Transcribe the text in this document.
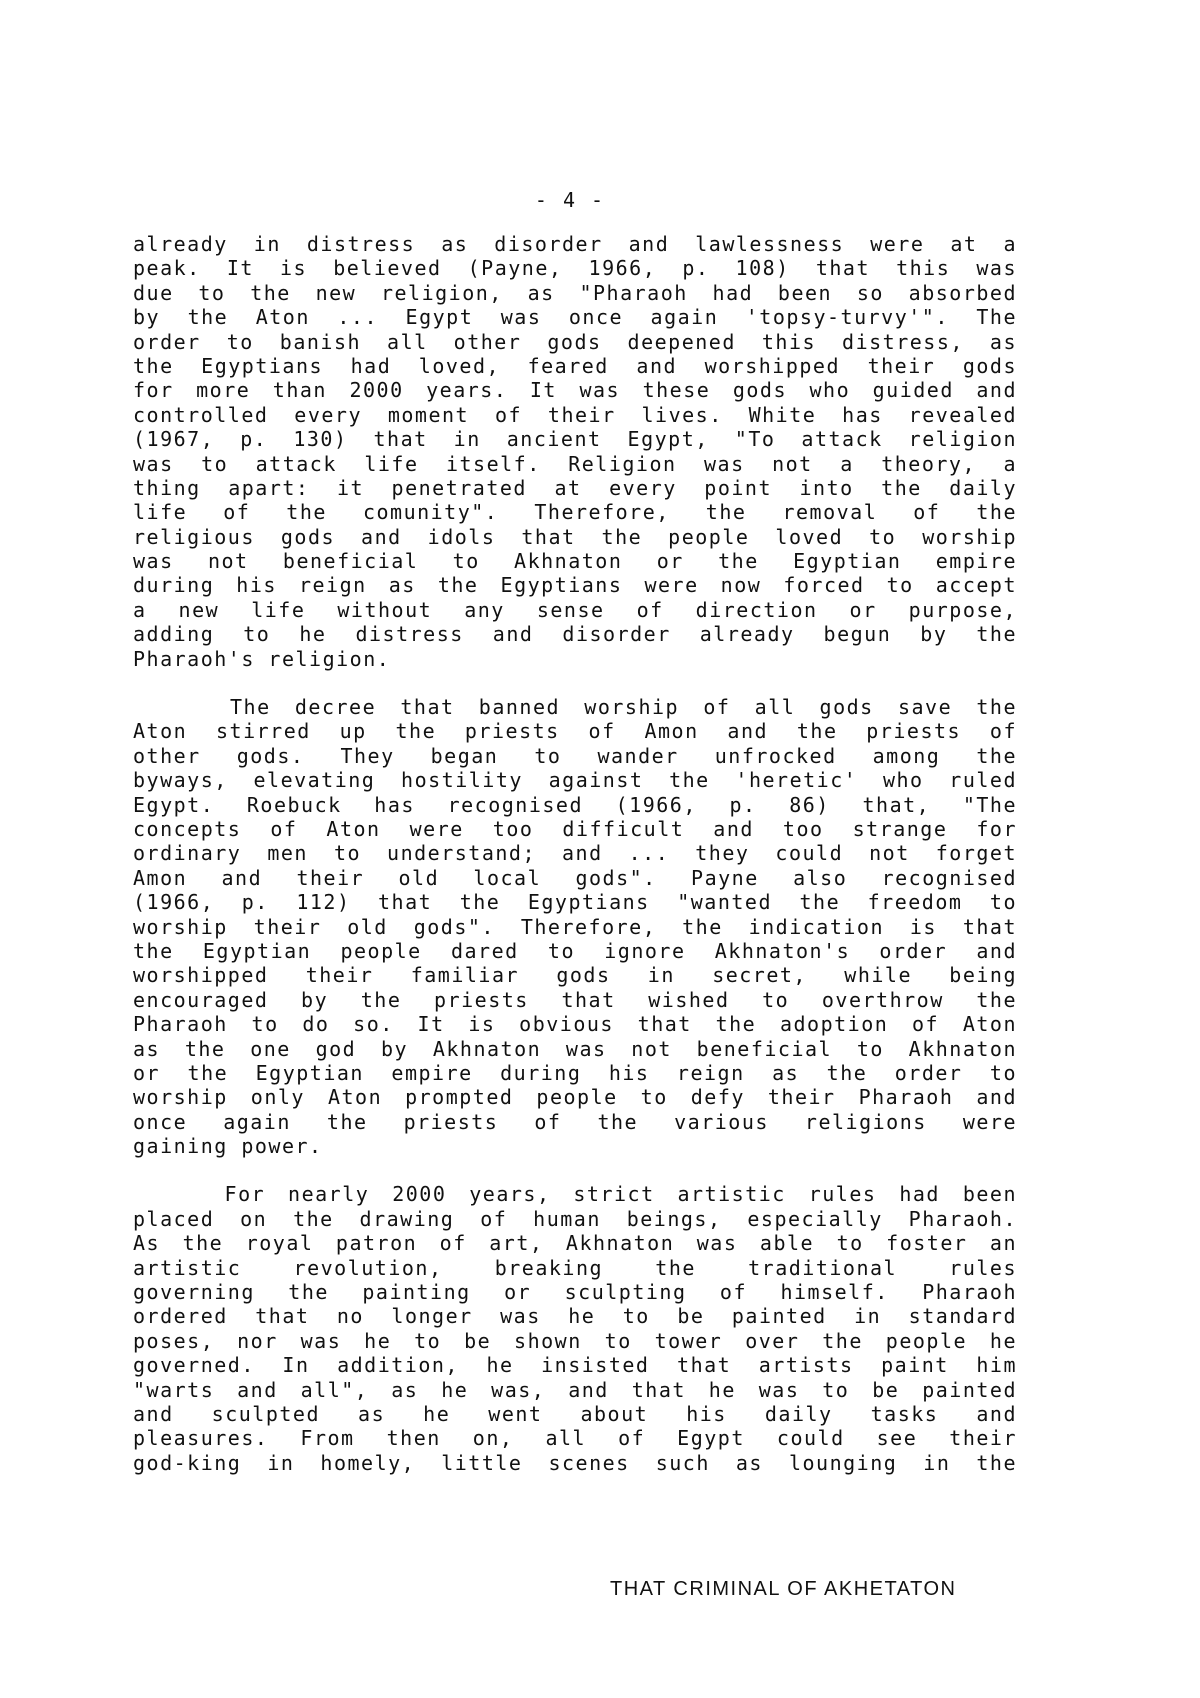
- 4 -
already in distress as disorder and lawlessness were at a
peak. It is believed (Payne, 1966, p. 108) that this was
due to the new religion, as "Pharaoh had been so absorbed
by the Aton ... Egypt was once again 'topsy-turvy'". The
order to banish all other gods deepened this distress, as
the Egyptians had loved, feared and worshipped their gods
for more than 2000 years. It was these gods who guided and
controlled every moment of their lives. White has revealed
(1967, p. 130) that in ancient Egypt, "To attack religion
was to attack life itself. Religion was not a theory, a
thing apart: it penetrated at every point into the daily
life of the comunity". Therefore, the removal of the
religious gods and idols that the people loved to worship
was not beneficial to Akhnaton or the Egyptian empire
during his reign as the Egyptians were now forced to accept
a new life without any sense of direction or purpose,
adding to he distress and disorder already begun by the
Pharaoh's religion.
The decree that banned worship of all gods save the
Aton stirred up the priests of Amon and the priests of
other gods. They began to wander unfrocked among the
byways, elevating hostility against the 'heretic' who ruled
Egypt. Roebuck has recognised (1966, p. 86) that, "The
concepts of Aton were too difficult and too strange for
ordinary men to understand; and ... they could not forget
Amon and their old local gods". Payne also recognised
(1966, p. 112) that the Egyptians "wanted the freedom to
worship their old gods". Therefore, the indication is that
the Egyptian people dared to ignore Akhnaton's order and
worshipped their familiar gods in secret, while being
encouraged by the priests that wished to overthrow the
Pharaoh to do so. It is obvious that the adoption of Aton
as the one god by Akhnaton was not beneficial to Akhnaton
or the Egyptian empire during his reign as the order to
worship only Aton prompted people to defy their Pharaoh and
once again the priests of the various religions were
gaining power.
For nearly 2000 years, strict artistic rules had been
placed on the drawing of human beings, especially Pharaoh.
As the royal patron of art, Akhnaton was able to foster an
artistic revolution, breaking the traditional rules
governing the painting or sculpting of himself. Pharaoh
ordered that no longer was he to be painted in standard
poses, nor was he to be shown to tower over the people he
governed. In addition, he insisted that artists paint him
"warts and all", as he was, and that he was to be painted
and sculpted as he went about his daily tasks and
pleasures. From then on, all of Egypt could see their
god-king in homely, little scenes such as lounging in the
THAT CRIMINAL OF AKHETATON
